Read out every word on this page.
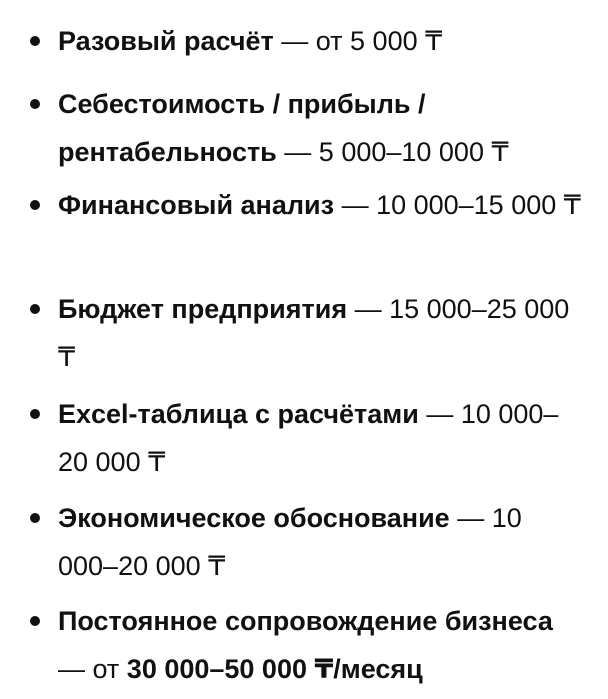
Разовый расчёт — от 5 000 ₸
Себестоимость / прибыль / рентабельность — 5 000–10 000 ₸
Финансовый анализ — 10 000–15 000 ₸
Бюджет предприятия — 15 000–25 000 ₸
Excel-таблица с расчётами — 10 000–20 000 ₸
Экономическое обоснование — 10 000–20 000 ₸
Постоянное сопровождение бизнеса — от 30 000–50 000 ₸/месяц
